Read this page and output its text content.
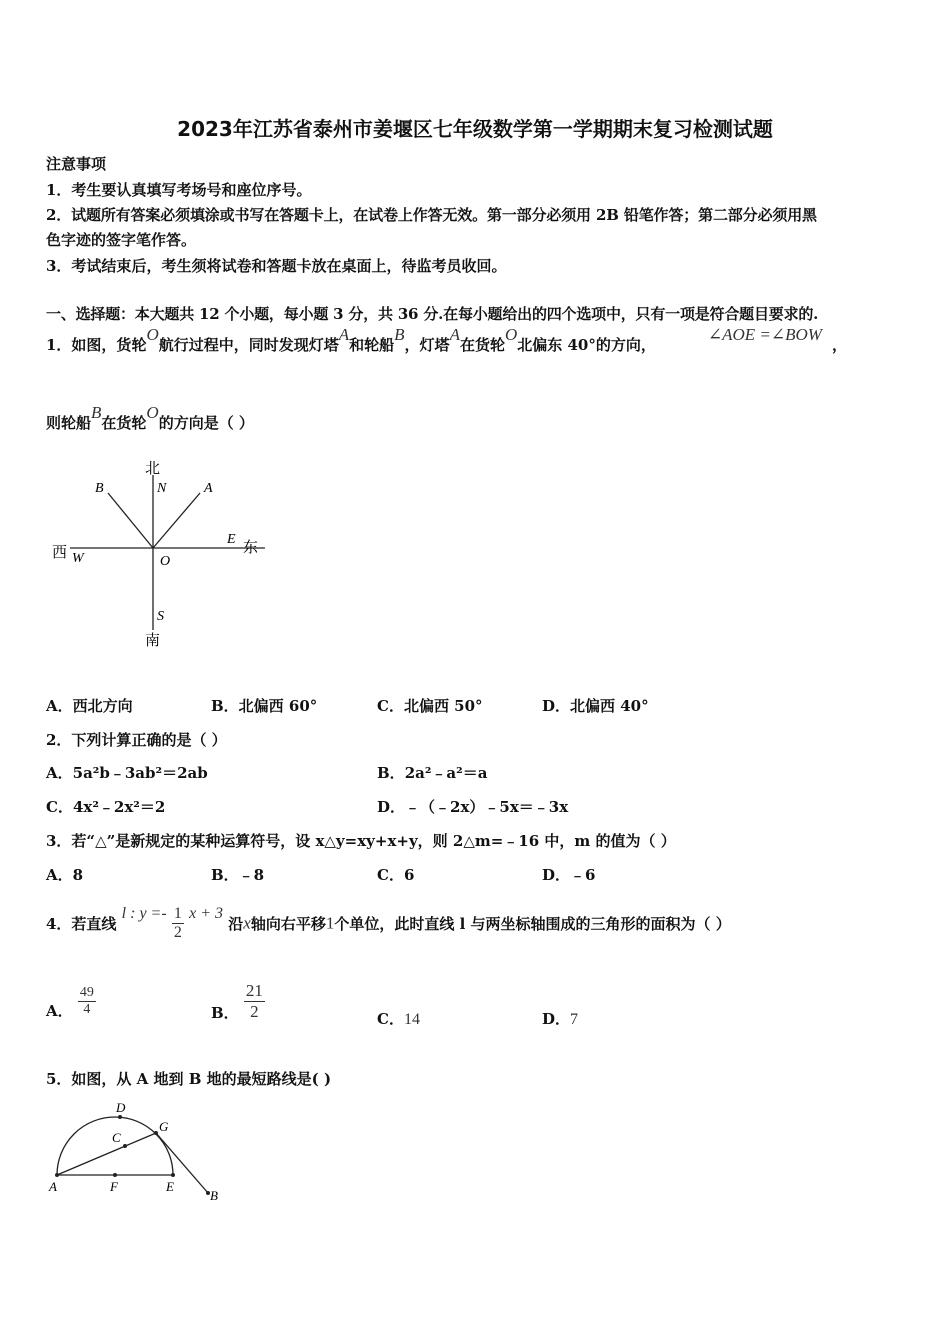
2023年江苏省泰州市姜堰区七年级数学第一学期期末复习检测试题
注意事项
1．考生要认真填写考场号和座位序号。
2．试题所有答案必须填涂或书写在答题卡上，在试卷上作答无效。第一部分必须用 2B 铅笔作答；第二部分必须用黑
色字迹的签字笔作答。
3．考试结束后，考生须将试卷和答题卡放在桌面上，待监考员收回。
一、选择题：本大题共 12 个小题，每小题 3 分，共 36 分.在每小题给出的四个选项中，只有一项是符合题目要求的.
1．如图，货轮O航行过程中，同时发现灯塔A和轮船B，灯塔A在货轮O北偏东 40°的方向，∠AOE =∠BOW，
则轮船B在货轮O的方向是（ ）
北
N
B	A
西 W	O
E
东
S
南
A．西北方向	B．北偏西 60°	C．北偏西 50°	D．北偏西 40°
2．下列计算正确的是（ ）
A．5a²b﹣3ab²＝2ab	B．2a²﹣a²＝a
C．4x²﹣2x²＝2	D．﹣（﹣2x）﹣5x＝﹣3x
3．若“△”是新规定的某种运算符号，设 x△y=xy+x+y，则 2△m=﹣16 中，m 的值为（ ）
A．8	B．﹣8	C．6	D．﹣6
4．若直线 l : $y =- \frac{1}{2}$ x + 3 沿x轴向右平移1个单位，此时直线 l 与两坐标轴围成的三角形的面积为（ ）
A． $\frac{49}{4}$	B． $\frac{21}{2}$	C．14	D．7
5．如图，从 A 地到 B 地的最短路线是( )
D
G
C
A	F	E
B
